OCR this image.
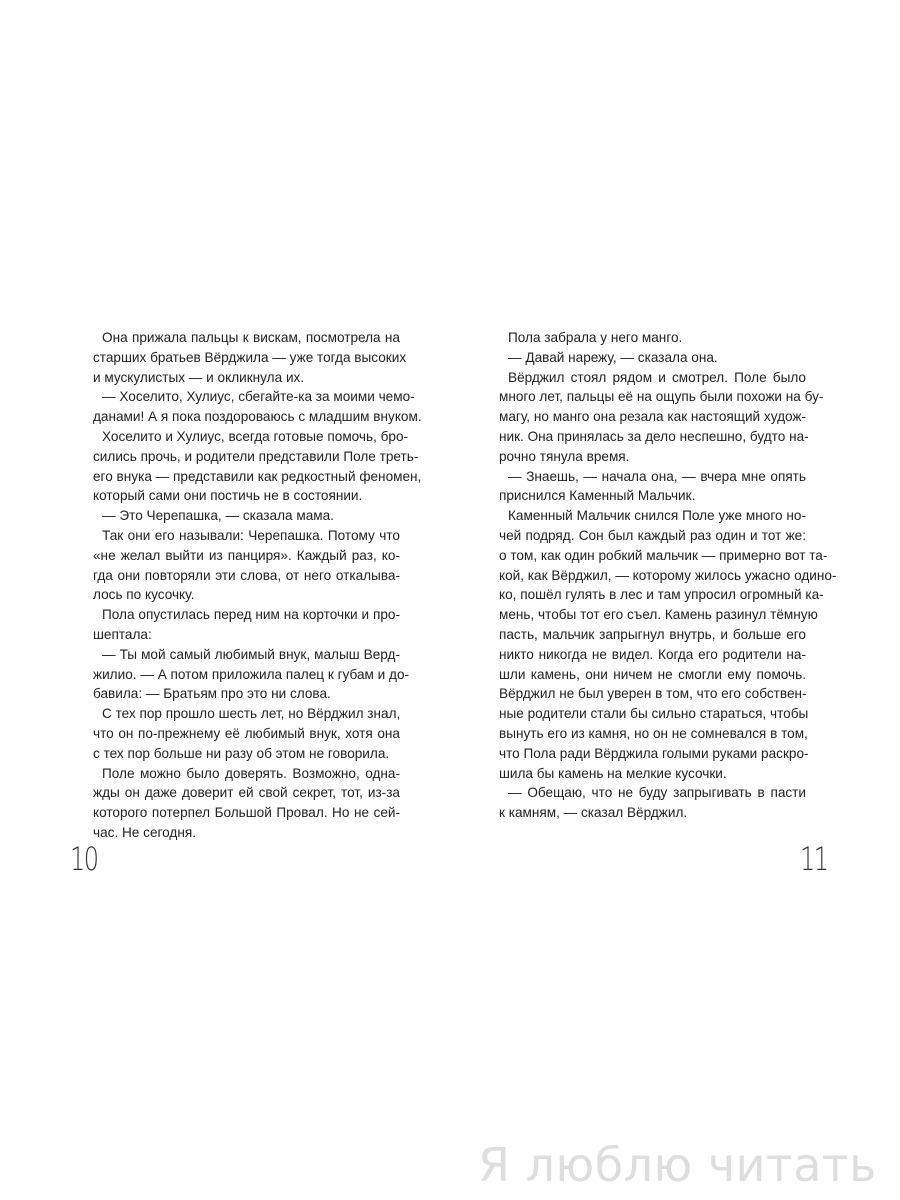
Она прижала пальцы к вискам, посмотрела на
старших братьев Вёрджила — уже тогда высоких
и мускулистых — и окликнула их.
— Хоселито, Хулиус, сбегайте-ка за моими чемо-
данами! А я пока поздороваюсь с младшим внуком.
Хоселито и Хулиус, всегда готовые помочь, бро-
сились прочь, и родители представили Поле треть-
его внука — представили как редкостный феномен,
который сами они постичь не в состоянии.
— Это Черепашка, — сказала мама.
Так они его называли: Черепашка. Потому что
«не желал выйти из панциря». Каждый раз, ко-
гда они повторяли эти слова, от него откалыва-
лось по кусочку.
Пола опустилась перед ним на корточки и про-
шептала:
— Ты мой самый любимый внук, малыш Верд-
жилио. — А потом приложила палец к губам и до-
бавила: — Братьям про это ни слова.
С тех пор прошло шесть лет, но Вёрджил знал,
что он по-прежнему её любимый внук, хотя она
с тех пор больше ни разу об этом не говорила.
Поле можно было доверять. Возможно, одна-
жды он даже доверит ей свой секрет, тот, из-за
которого потерпел Большой Провал. Но не сей-
час. Не сегодня.
10
Пола забрала у него манго.
— Давай нарежу, — сказала она.
Вёрджил стоял рядом и смотрел. Поле было
много лет, пальцы её на ощупь были похожи на бу-
магу, но манго она резала как настоящий худож-
ник. Она принялась за дело неспешно, будто на-
рочно тянула время.
— Знаешь, — начала она, — вчера мне опять
приснился Каменный Мальчик.
Каменный Мальчик снился Поле уже много но-
чей подряд. Сон был каждый раз один и тот же:
о том, как один робкий мальчик — примерно вот та-
кой, как Вёрджил, — которому жилось ужасно одино-
ко, пошёл гулять в лес и там упросил огромный ка-
мень, чтобы тот его съел. Камень разинул тёмную
пасть, мальчик запрыгнул внутрь, и больше его
никто никогда не видел. Когда его родители на-
шли камень, они ничем не смогли ему помочь.
Вёрджил не был уверен в том, что его собствен-
ные родители стали бы сильно стараться, чтобы
вынуть его из камня, но он не сомневался в том,
что Пола ради Вёрджила голыми руками раскро-
шила бы камень на мелкие кусочки.
— Обещаю, что не буду запрыгивать в пасти
к камням, — сказал Вёрджил.
11
Я люблю читать
